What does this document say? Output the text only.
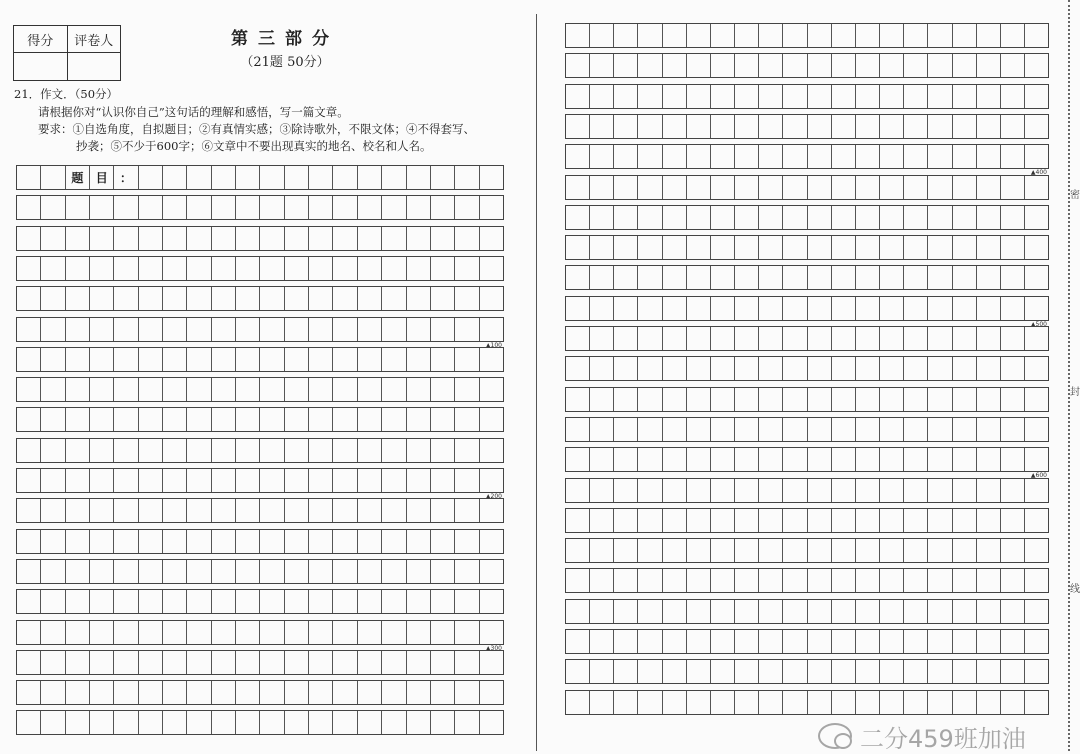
得分	评卷人
		第三部分
（21题 50分）
21．作文．（50分）
请根据你对“认识你自己”这句话的理解和感悟，写一篇文章。
要求：①自选角度，自拟题目；②有真情实感；③除诗歌外，不限文体；④不得套写、
抄袭；⑤不少于600字；⑥文章中不要出现真实的地名、校名和人名。
题	目	：
▲100
▲200
▲300
▲400
▲500
▲600
密
封
线
二分459班加油
